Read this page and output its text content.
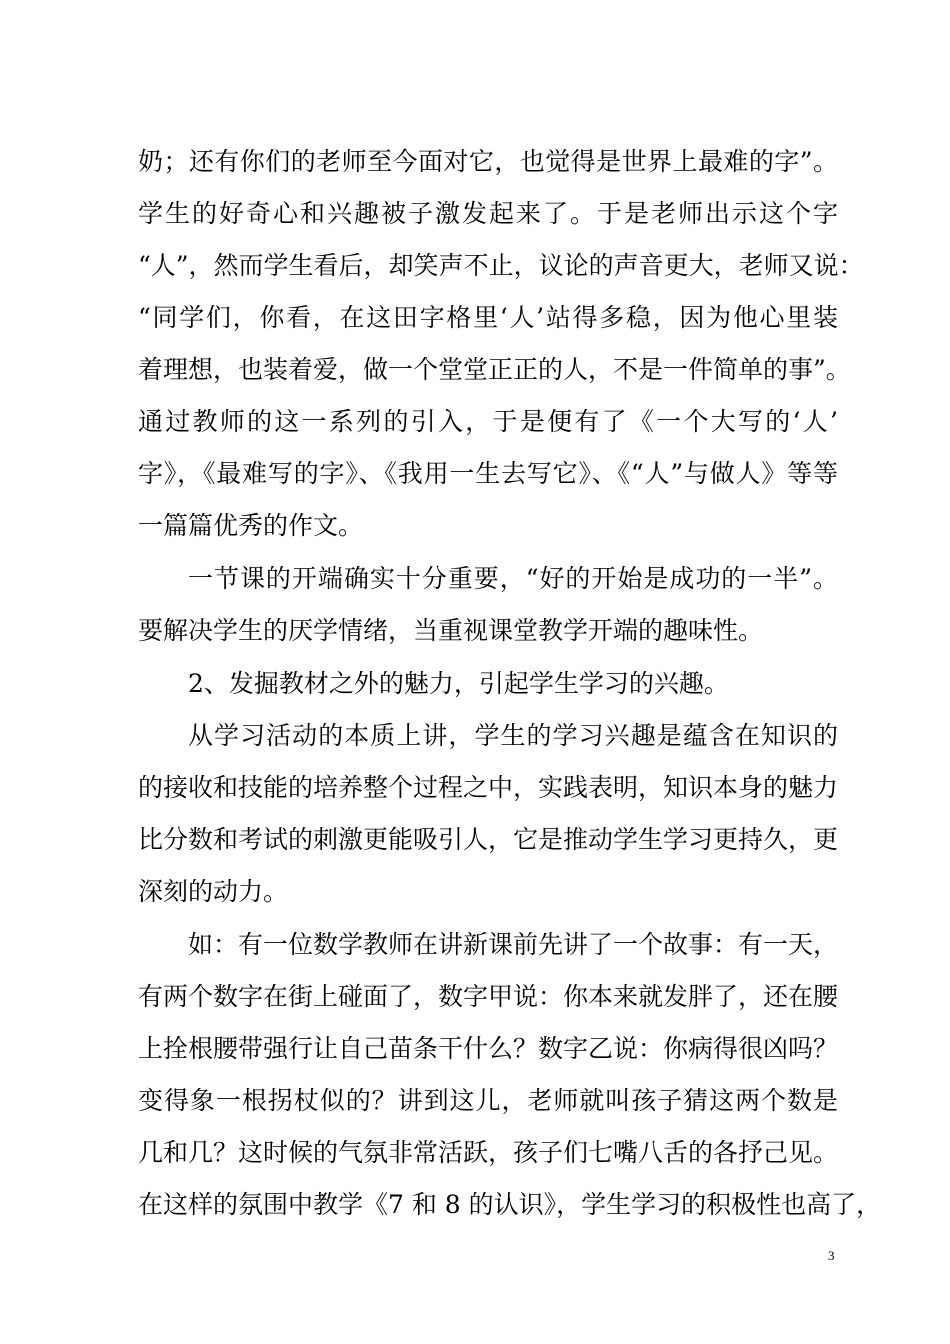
奶；还有你们的老师至今面对它，也觉得是世界上最难的字”。
学生的好奇心和兴趣被子激发起来了。于是老师出示这个字
“人”，然而学生看后，却笑声不止，议论的声音更大，老师又说：
“同学们，你看，在这田字格里‘人’站得多稳，因为他心里装
着理想，也装着爱，做一个堂堂正正的人，不是一件简单的事”。
通过教师的这一系列的引入，于是便有了《一个大写的‘人’
字》，《最难写的字》、《我用一生去写它》、《“人”与做人》等等
一篇篇优秀的作文。
一节课的开端确实十分重要，“好的开始是成功的一半”。
要解决学生的厌学情绪，当重视课堂教学开端的趣味性。
2、发掘教材之外的魅力，引起学生学习的兴趣。
从学习活动的本质上讲，学生的学习兴趣是蕴含在知识的
的接收和技能的培养整个过程之中，实践表明，知识本身的魅力
比分数和考试的刺激更能吸引人，它是推动学生学习更持久，更
深刻的动力。
如：有一位数学教师在讲新课前先讲了一个故事：有一天，
有两个数字在街上碰面了，数字甲说：你本来就发胖了，还在腰
上拴根腰带强行让自己苗条干什么？数字乙说：你病得很凶吗？
变得象一根拐杖似的？讲到这儿，老师就叫孩子猜这两个数是
几和几？这时候的气氛非常活跃，孩子们七嘴八舌的各抒己见。
在这样的氛围中教学《7 和 8 的认识》，学生学习的积极性也高了，
3
